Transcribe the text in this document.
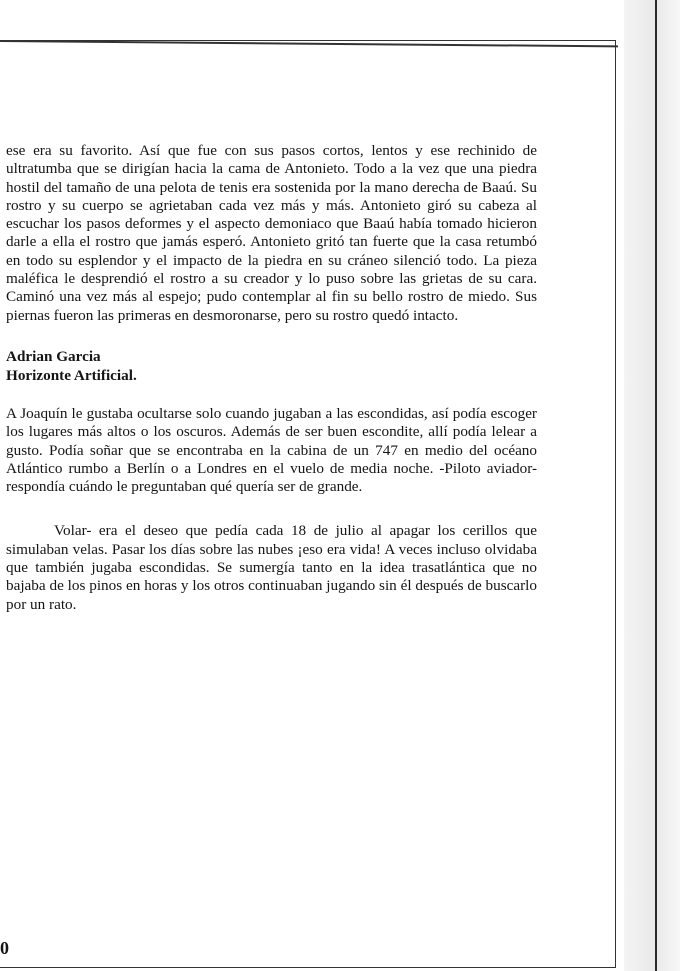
ese era su favorito. Así que fue con sus pasos cortos, lentos y ese rechinido de ultratumba que se dirigían hacia la cama de Antonieto. Todo a la vez que una piedra hostil del tamaño de una pelota de tenis era sostenida por la mano derecha de Baaú. Su rostro y su cuerpo se agrietaban cada vez más y más. Antonieto giró su cabeza al escuchar los pasos deformes y el aspecto demoniaco que Baaú había tomado hicieron darle a ella el rostro que jamás esperó. Antonieto gritó tan fuerte que la casa retumbó en todo su esplendor y el impacto de la piedra en su cráneo silenció todo. La pieza maléfica le desprendió el rostro a su creador y lo puso sobre las grietas de su cara. Caminó una vez más al espejo; pudo contemplar al fin su bello rostro de miedo. Sus piernas fueron las primeras en desmoronarse, pero su rostro quedó intacto.

Adrian Garcia

Horizonte Artificial.

A Joaquín le gustaba ocultarse solo cuando jugaban a las escondidas, así podía escoger los lugares más altos o los oscuros. Además de ser buen escondite, allí podía lelear a gusto. Podía soñar que se encontraba en la cabina de un 747 en medio del océano Atlántico rumbo a Berlín o a Londres en el vuelo de media noche. -Piloto aviador- respondía cuándo le preguntaban qué quería ser de grande.

Volar- era el deseo que pedía cada 18 de julio al apagar los cerillos que simulaban velas. Pasar los días sobre las nubes ¡eso era vida! A veces incluso olvidaba que también jugaba escondidas. Se sumergía tanto en la idea trasatlántica que no bajaba de los pinos en horas y los otros continuaban jugando sin él después de buscarlo por un rato.

0
